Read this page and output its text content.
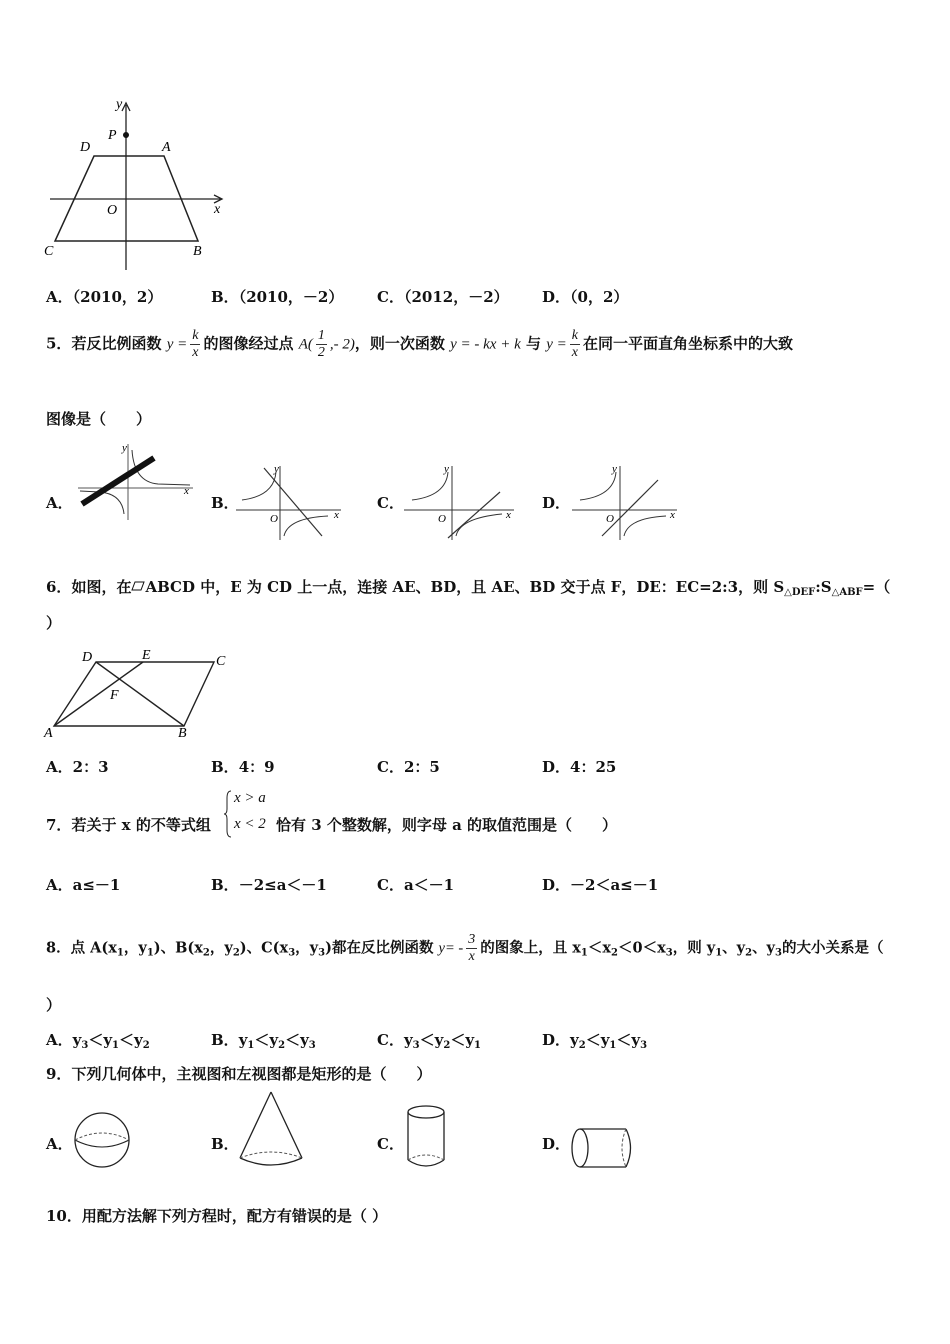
y
P
D	A
O	x
C	B
A．（2010，2）	B．（2010，－2） C．（2012，－2） D．（0，2）
5．若反比例函数 $y = \frac{k}{x}$ 的图像经过点 $A( \frac{1}{2}$ ,‑ 2)，则一次函数 y = ‑ kx + k 与 $y = \frac{k}{x}$ 在同一平面直角坐标系中的大致
图像是（　　）
A．
y
x
B．
y
x
O
C．
y
x
O
D．
y
x
O
6．如图，在 ABCD 中，E 为 CD 上一点，连接 AE、BD，且 AE、BD 交于点 F，DE：EC=2:3，则 $S_{\triangle DEF}:S_{\triangle ABF}=$（
）
D	E	C
F
A	B
A．2：3	B．4：9	C．2：5	D．4：25
7．若关于 x 的不等式组
x > a
x < 2 恰有 3 个整数解，则字母 a 的取值范围是（　　）
A．a≤－1	B．－2≤a＜－1	C．a＜－1	D．－2＜a≤－1
8．点 $A(x_1$，$y_1$)、$B(x_2$，$y_2$)、$C(x_3$，$y_3$)都在反比例函数 y= ‑ $\frac{3}{x}$ 的图象上，且 $x_1<x_2<0<x_3$，则 $y_1$、$y_2$、$y_3$的大小关系是（
）
A．$y_3<y_1<y_2$	B．$y_1<y_2<y_3$	C．$y_3<y_2<y_1$	D．$y_2<y_1<y_3$
9．下列几何体中，主视图和左视图都是矩形的是（　　）
A．	B．	C．	D．
10．用配方法解下列方程时，配方有错误的是（ ）
